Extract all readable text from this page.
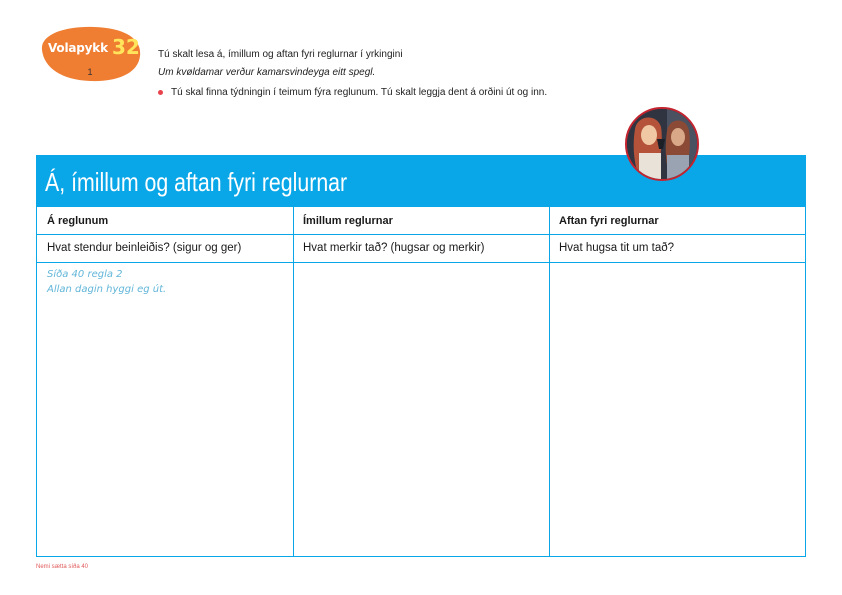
Volapykk 32
1
Tú skalt lesa á, ímillum og aftan fyri reglurnar í yrkingini
Um kvøldamar verður kamarsvindeyga eitt spegl.
Tú skal finna týdningin í teimum fýra reglunum. Tú skalt leggja dent á orðini út og inn.
Á, ímillum og aftan fyri reglurnar
Á reglunum	Ímillum reglurnar	Aftan fyri reglurnar
Hvat stendur beinleiðis? (sigur og ger)	Hvat merkir tað? (hugsar og merkir)	Hvat hugsa tit um tað?
Síða 40 regla 2
Allan dagin hyggi eg út.
Nemi sætta síða 40
